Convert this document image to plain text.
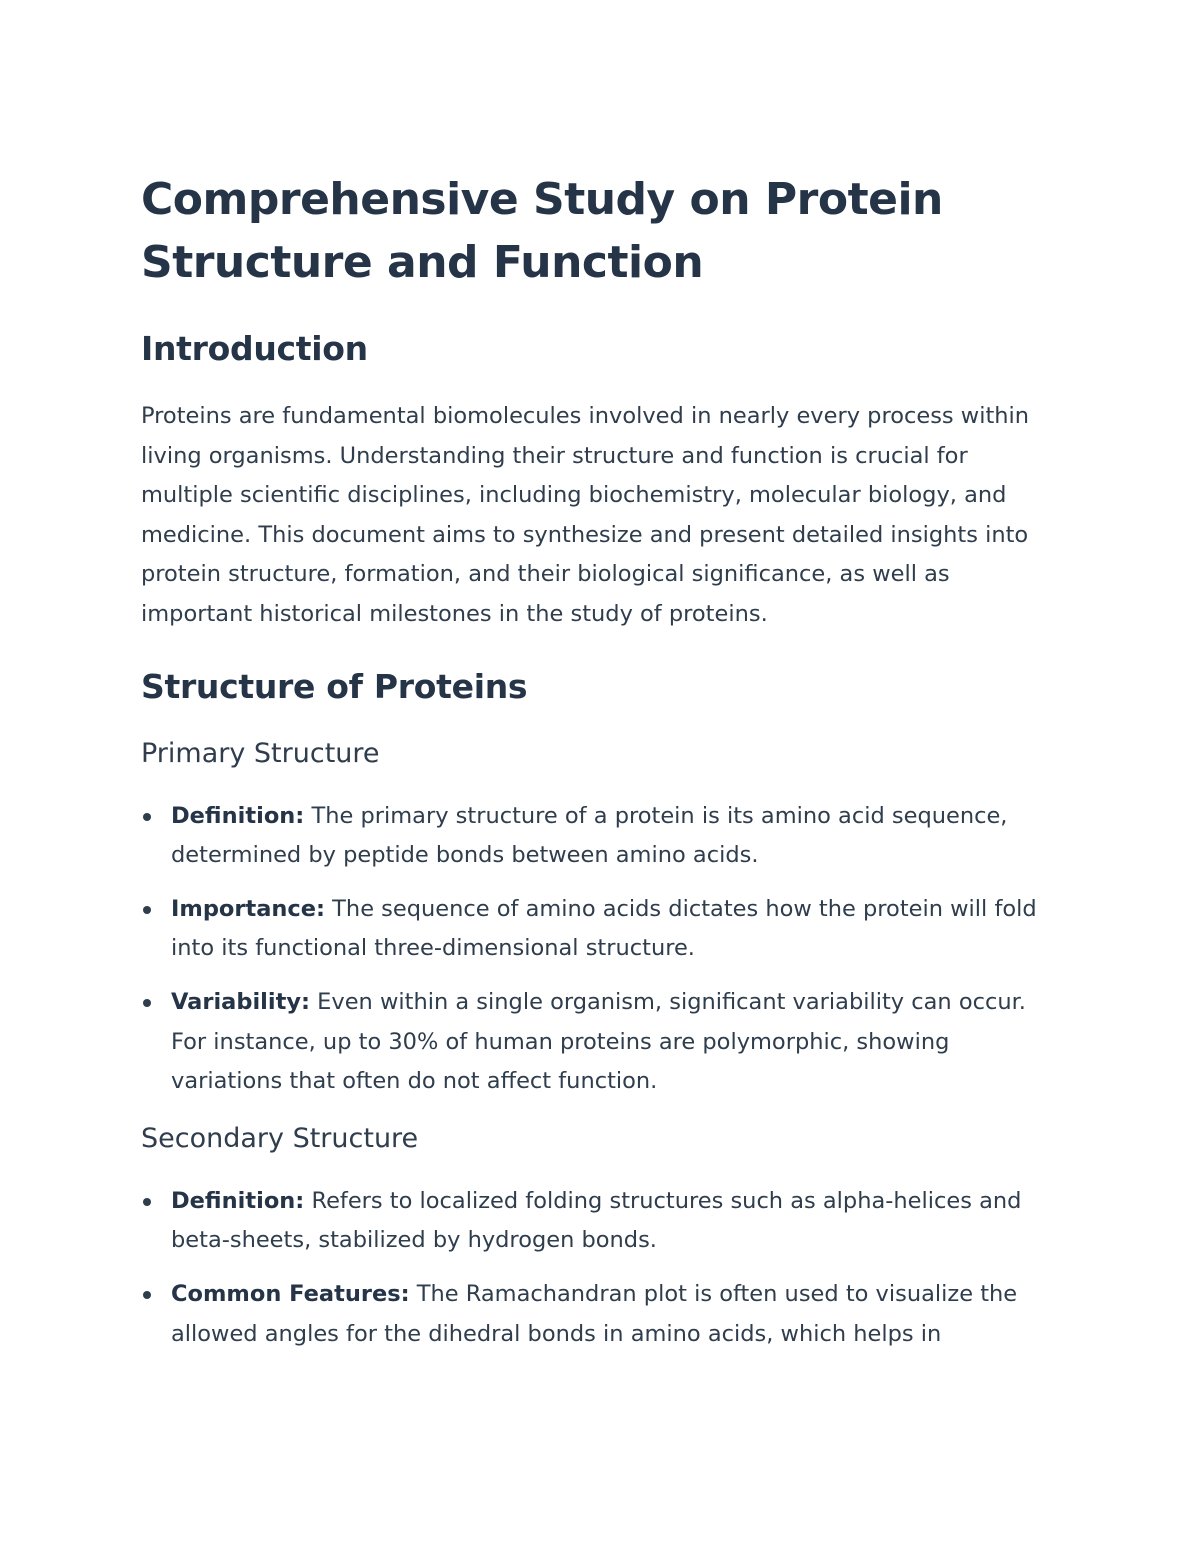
Comprehensive Study on Protein Structure and Function
Introduction

Proteins are fundamental biomolecules involved in nearly every process within living organisms. Understanding their structure and function is crucial for multiple scientific disciplines, including biochemistry, molecular biology, and medicine. This document aims to synthesize and present detailed insights into protein structure, formation, and their biological significance, as well as important historical milestones in the study of proteins.

Structure of Proteins
Primary Structure
Definition: The primary structure of a protein is its amino acid sequence, determined by peptide bonds between amino acids.
Importance: The sequence of amino acids dictates how the protein will fold into its functional three-dimensional structure.
Variability: Even within a single organism, significant variability can occur. For instance, up to 30% of human proteins are polymorphic, showing variations that often do not affect function.
Secondary Structure
Definition: Refers to localized folding structures such as alpha-helices and beta-sheets, stabilized by hydrogen bonds.
Common Features: The Ramachandran plot is often used to visualize the allowed angles for the dihedral bonds in amino acids, which helps in
